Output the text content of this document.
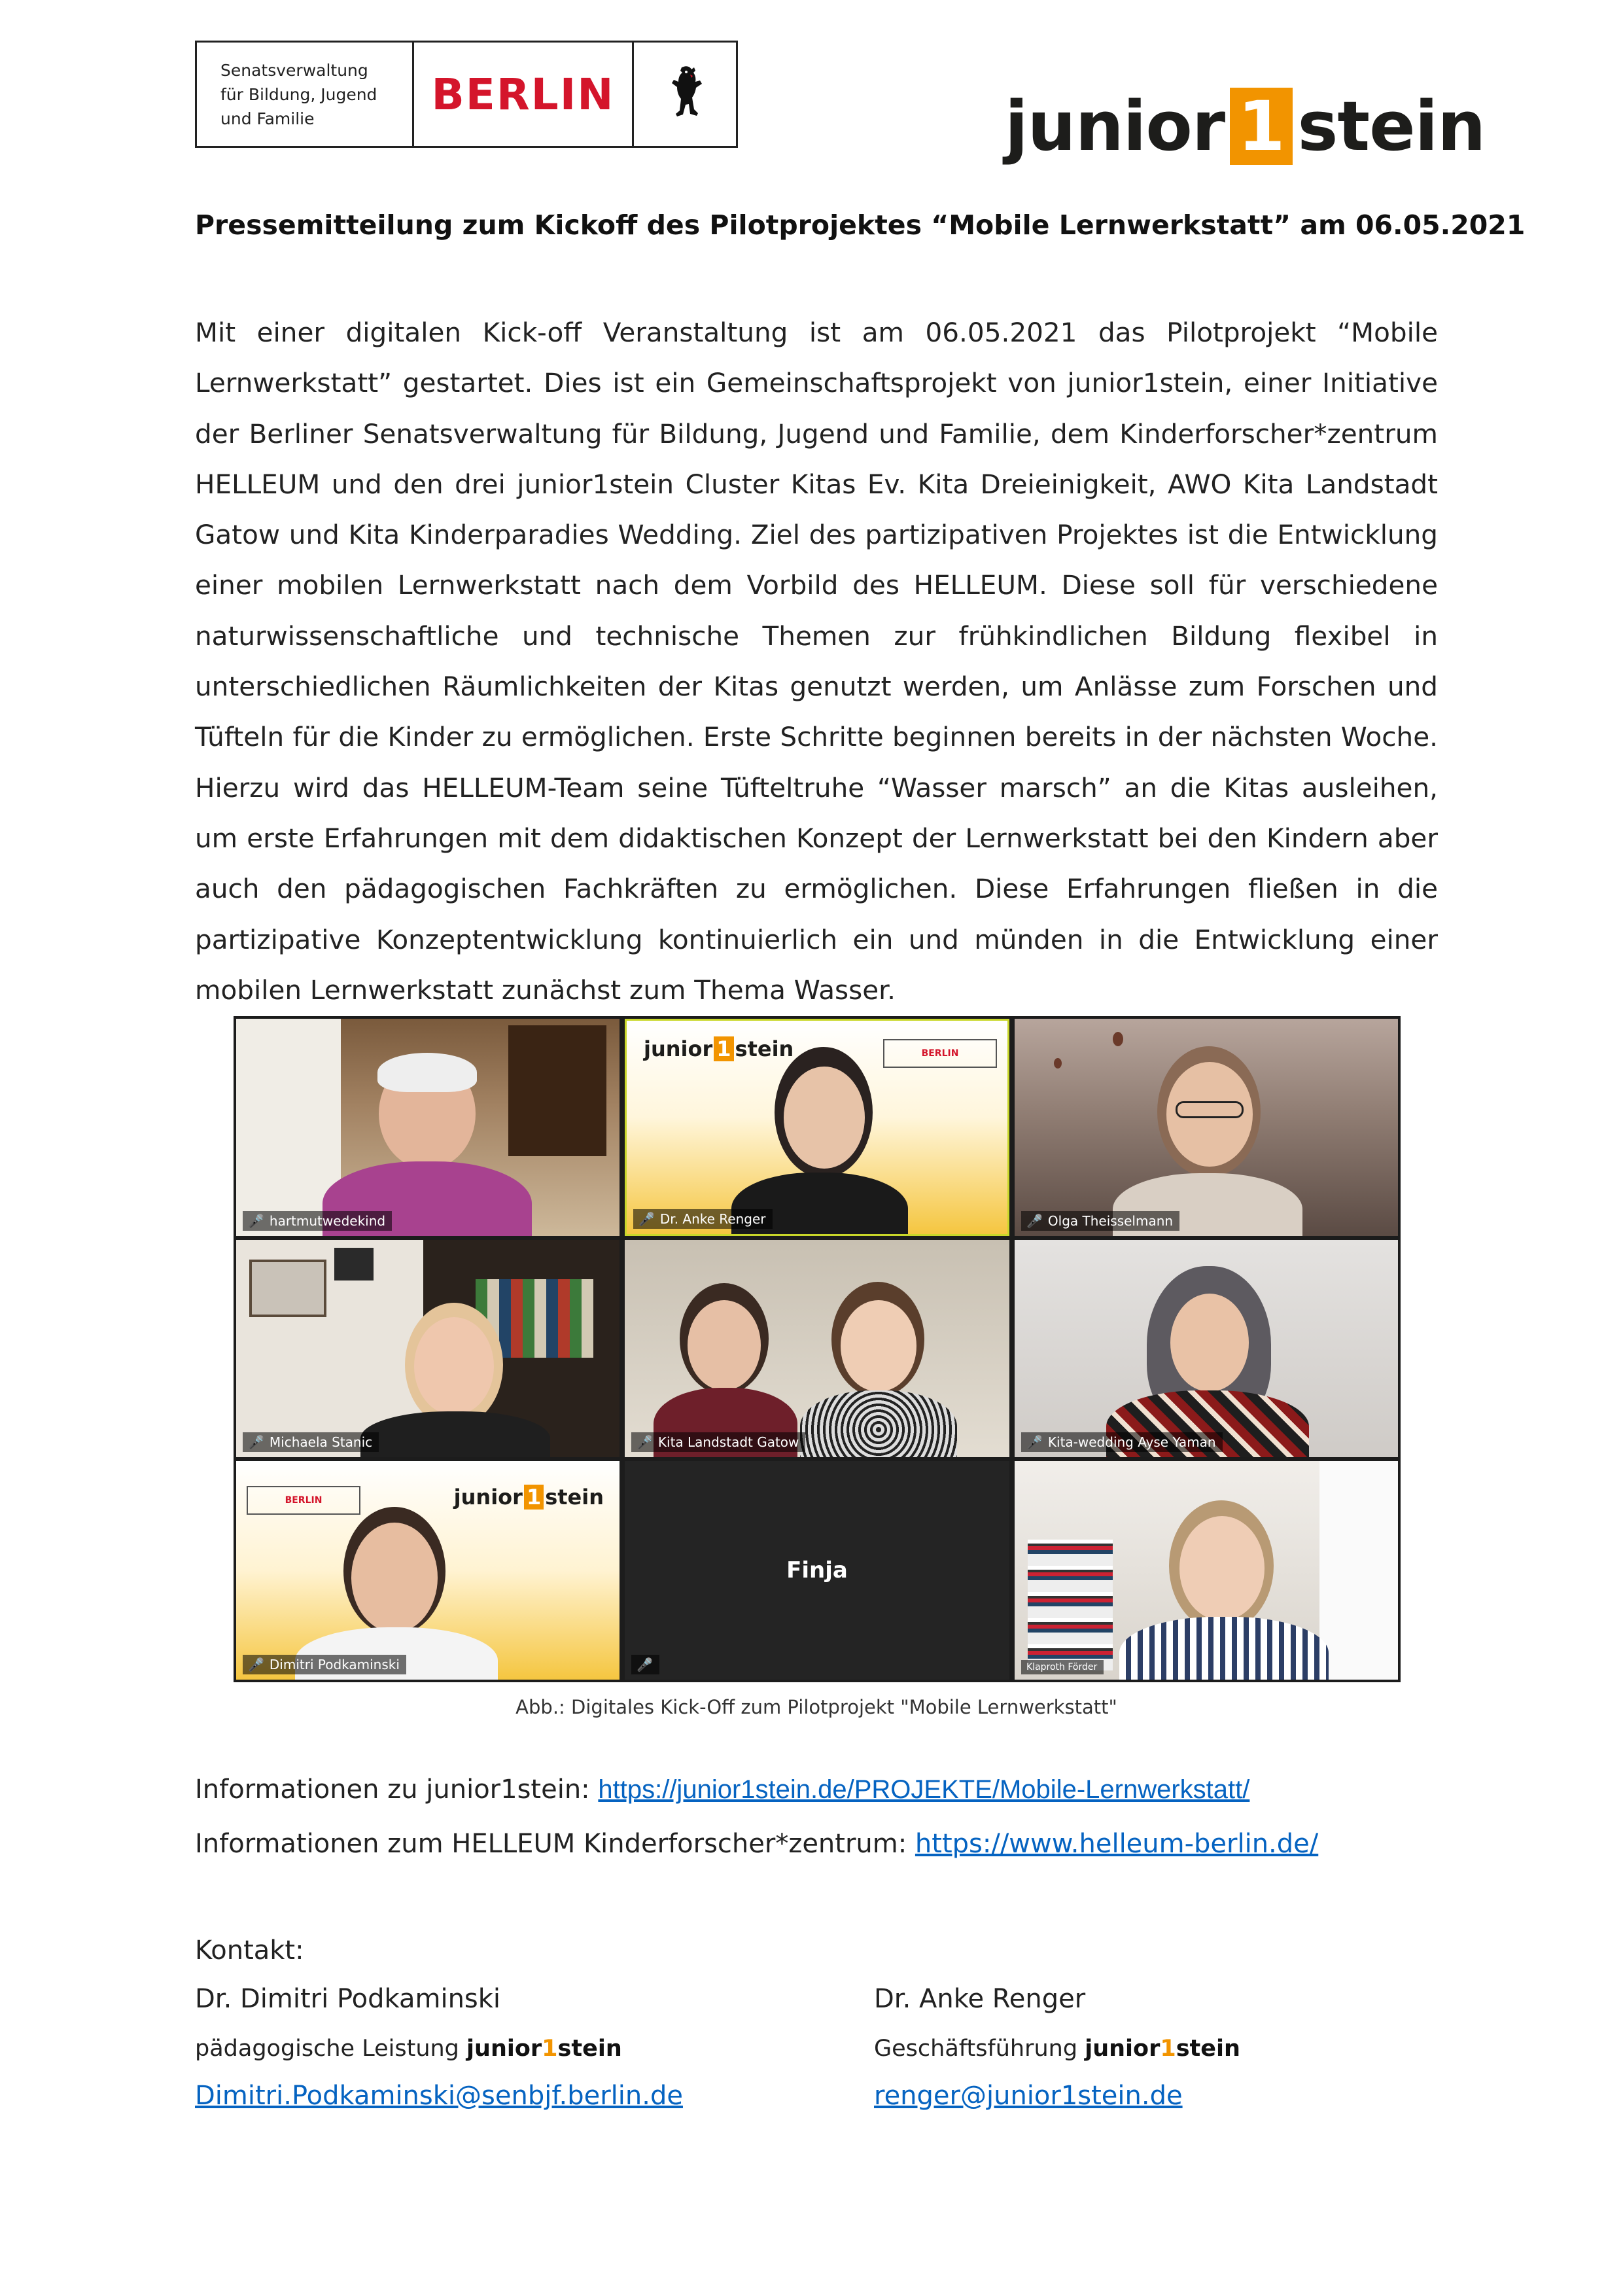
Senatsverwaltung
für Bildung, Jugend
und Familie	BERLIN	junior 1 stein
Pressemitteilung zum Kickoff des Pilotprojektes “Mobile Lernwerkstatt” am 06.05.2021
Mit einer digitalen Kick-off Veranstaltung ist am 06.05.2021 das Pilotprojekt “Mobile Lernwerkstatt” gestartet. Dies ist ein Gemeinschaftsprojekt von junior1stein, einer Initiative der Berliner Senatsverwaltung für Bildung, Jugend und Familie, dem Kinderforscher*zentrum HELLEUM und den drei junior1stein Cluster Kitas Ev. Kita Dreieinigkeit, AWO Kita Landstadt Gatow und Kita Kinderparadies Wedding. Ziel des partizipativen Projektes ist die Entwicklung einer mobilen Lernwerkstatt nach dem Vorbild des HELLEUM. Diese soll für verschiedene naturwissenschaftliche und technische Themen zur frühkindlichen Bildung flexibel in unterschiedlichen Räumlichkeiten der Kitas genutzt werden, um Anlässe zum Forschen und Tüfteln für die Kinder zu ermöglichen. Erste Schritte beginnen bereits in der nächsten Woche. Hierzu wird das HELLEUM-Team seine Tüfteltruhe “Wasser marsch” an die Kitas ausleihen, um erste Erfahrungen mit dem didaktischen Konzept der Lernwerkstatt bei den Kindern aber auch den pädagogischen Fachkräften zu ermöglichen. Diese Erfahrungen fließen in die partizipative Konzeptentwicklung kontinuierlich ein und münden in die Entwicklung einer mobilen Lernwerkstatt zunächst zum Thema Wasser.
🎤 hartmutwedekind
junior 1 stein	BERLIN
🎤 Dr. Anke Renger	🎤 Olga Theisselmann
🎤 Michaela Stanic	🎤 Kita Landstadt Gatow	🎤 Kita-wedding Ayse Yaman
BERLIN	junior 1 stein
🎤 Dimitri Podkaminski
Finja
🎤	Klaproth Förder
Abb.: Digitales Kick-Off zum Pilotprojekt "Mobile Lernwerkstatt"
Informationen zu junior1stein: https://junior1stein.de/PROJEKTE/Mobile-Lernwerkstatt/
Informationen zum HELLEUM Kinderforscher*zentrum: https://www.helleum-berlin.de/
Kontakt:
Dr. Dimitri Podkaminski
pädagogische Leistung junior1stein
Dimitri.Podkaminski@senbjf.berlin.de
Dr. Anke Renger
Geschäftsführung junior1stein
renger@junior1stein.de
